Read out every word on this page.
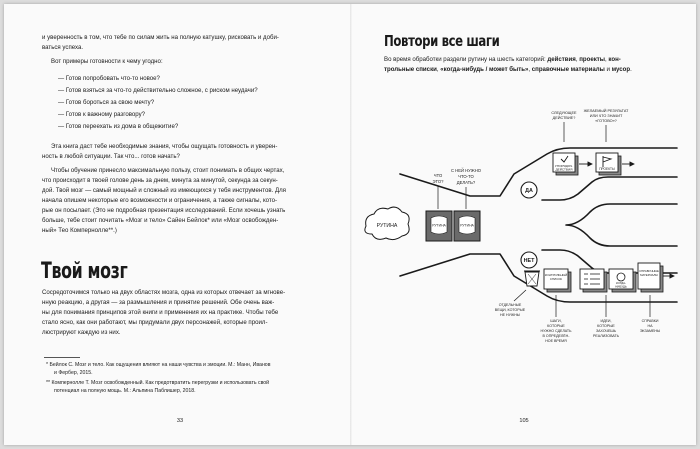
и уверенность в том, что тебе по силам жить на полную катушку, рисковать и доби-
ваться успеха.
Вот примеры готовности к чему угодно:
— Готов попробовать что-то новое?
— Готов взяться за что-то действительно сложное, с риском неудачи?
— Готов бороться за свою мечту?
— Готов к важному разговору?
— Готов переехать из дома в общежитие?
Эта книга даст тебе необходимые знания, чтобы ощущать готовность и уверен-
ность в любой ситуации. Так что... готов начать?
Чтобы обучение принесло максимальную пользу, стоит понимать в общих чертах,
что происходит в твоей голове день за днем, минута за минутой, секунда за секун-
дой. Твой мозг — самый мощный и сложный из имеющихся у тебя инструментов. Для
начала опишем некоторые его возможности и ограничения, а также сигналы, кото-
рые он посылает. (Это не подробная презентация исследований. Если хочешь узнать
больше, тебе стоит почитать «Мозг и тело» Сайен Бейлок* или «Мозг освобожден-
ный» Тео Компернолле**.)
Твой мозг
Сосредоточимся только на двух областях мозга, одна из которых отвечает за мгнове-
нную реакцию, а другая — за размышления и принятие решений. Обе очень важ-
ны для понимания принципов этой книги и применения их на практике. Чтобы тебе
стало ясно, как они работают, мы придумали двух персонажей, которые проил-
люстрируют каждую из них.
* Бейлок С. Мозг и тело. Как ощущения влияют на наши чувства и эмоции. М.: Манн, Иванов
и Фербер, 2015.
** Компернолле Т. Мозг освобожденный. Как предотвратить перегрузки и использовать свой
потенциал на полную мощь. М.: Альпина Паблишер, 2018.
33
Повтори все шаги
Во время обработки раздели рутину на шесть категорий: действия, проекты, кон-
трольные списки, «когда-нибудь / может быть», справочные материалы и мусор.
РУТИНА	РУТИНА	РУТИНА
ЧТО
ЭТО?
С НЕЙ НУЖНО
ЧТО-ТО
ДЕЛАТЬ?
ДА
НЕТ
СЛЕДУЮЩЕЕ
ДЕЙСТВИЕ?
ЖЕЛАЕМЫЙ РЕЗУЛЬТАТ
ИЛИ ЧТО ЗНАЧИТ
«ГОТОВО»?
УПОРЯДОЧ.
ДЕЙСТВИЯ	ПРОЕКТЫ
КОНТРОЛЬНЫЙ
СПИСОК
КОГДА-
НИБУДЬ
СПРАВОЧНЫЕ
МАТЕРИАЛЫ
ОТДЕЛЬНЫЕ
ВЕЩИ, КОТОРЫЕ
НЕ НУЖНЫ
ШАГИ,
КОТОРЫЕ
НУЖНО СДЕЛАТЬ
В ОПРЕДЕЛЁН-
НОЕ ВРЕМЯ
ИДЕИ,
КОТОРЫЕ
ЗАХОЧЕШЬ
РЕАЛИЗОВАТЬ
СПРАВКИ
НА
ЭКЗАМЕНЫ
105
